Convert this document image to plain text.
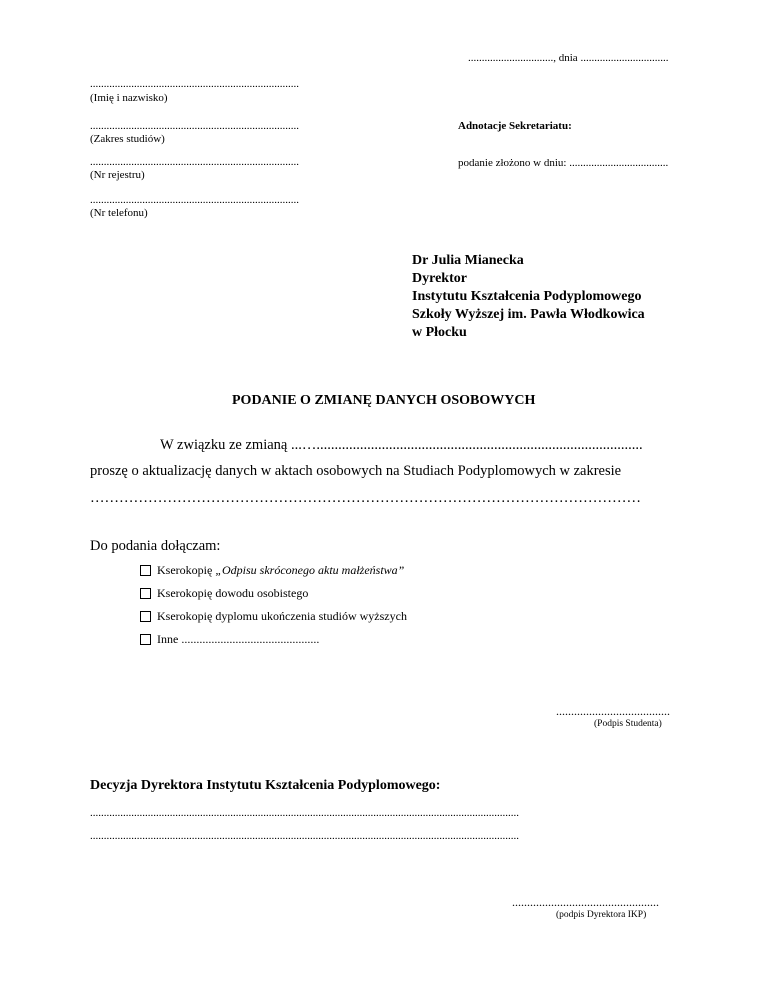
..............................., dnia ................................
............................................................................
(Imię i nazwisko)
............................................................................
(Zakres studiów)
............................................................................
(Nr rejestru)
............................................................................
(Nr telefonu)
Adnotacje Sekretariatu:
podanie złożono w dniu: ....................................
Dr Julia Mianecka
Dyrektor
Instytutu Kształcenia Podyplomowego
Szkoły Wyższej im. Pawła Włodkowica
w Płocku
PODANIE O ZMIANĘ DANYCH OSOBOWYCH
W związku ze zmianą ...…..........................................................................................
proszę o aktualizację danych w aktach osobowych na Studiach Podyplomowych w zakresie
……………………………………………………………………………………………………
Do podania dołączam:
Kserokopię „Odpisu skróconego aktu małżeństwa”
Kserokopię dowodu osobistego
Kserokopię dyplomu ukończenia studiów wyższych
Inne ..............................................
......................................
(Podpis Studenta)
Decyzja Dyrektora Instytutu Kształcenia Podyplomowego:
............................................................................................................................................................
............................................................................................................................................................
.................................................
(podpis Dyrektora IKP)
